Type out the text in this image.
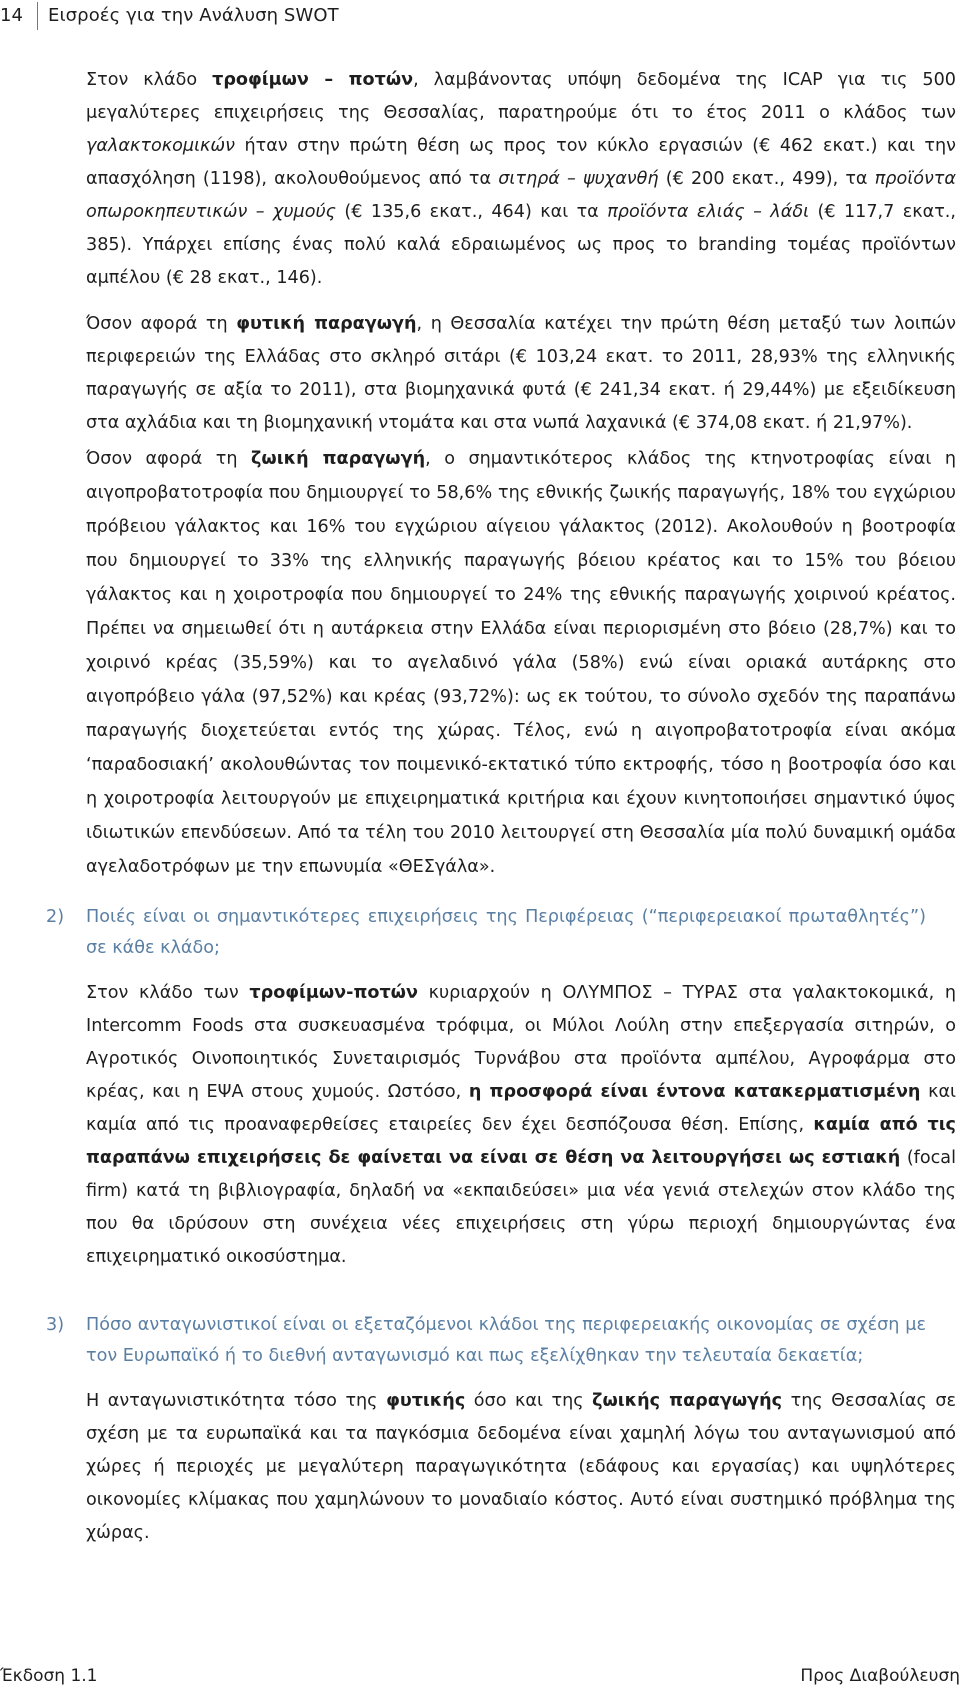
14 Εισροές για την Ανάλυση SWOT

Στον κλάδο τροφίμων – ποτών, λαμβάνοντας υπόψη δεδομένα της ICAP για τις 500 μεγαλύτερες επιχειρήσεις της Θεσσαλίας, παρατηρούμε ότι το έτος 2011 ο κλάδος των γαλακτοκομικών ήταν στην πρώτη θέση ως προς τον κύκλο εργασιών (€ 462 εκατ.) και την απασχόληση (1198), ακολουθούμενος από τα σιτηρά – ψυχανθή (€ 200 εκατ., 499), τα προϊόντα οπωροκηπευτικών – χυμούς (€ 135,6 εκατ., 464) και τα προϊόντα ελιάς – λάδι (€ 117,7 εκατ., 385). Υπάρχει επίσης ένας πολύ καλά εδραιωμένος ως προς το branding τομέας προϊόντων αμπέλου (€ 28 εκατ., 146).

Όσον αφορά τη φυτική παραγωγή, η Θεσσαλία κατέχει την πρώτη θέση μεταξύ των λοιπών περιφερειών της Ελλάδας στο σκληρό σιτάρι (€ 103,24 εκατ. το 2011, 28,93% της ελληνικής παραγωγής σε αξία το 2011), στα βιομηχανικά φυτά (€ 241,34 εκατ. ή 29,44%) με εξειδίκευση στα αχλάδια και τη βιομηχανική ντομάτα και στα νωπά λαχανικά (€ 374,08 εκατ. ή 21,97%).

Όσον αφορά τη ζωική παραγωγή, ο σημαντικότερος κλάδος της κτηνοτροφίας είναι η αιγοπροβατοτροφία που δημιουργεί το 58,6% της εθνικής ζωικής παραγωγής, 18% του εγχώριου πρόβειου γάλακτος και 16% του εγχώριου αίγειου γάλακτος (2012). Ακολουθούν η βοοτροφία που δημιουργεί το 33% της ελληνικής παραγωγής βόειου κρέατος και το 15% του βόειου γάλακτος και η χοιροτροφία που δημιουργεί το 24% της εθνικής παραγωγής χοιρινού κρέατος. Πρέπει να σημειωθεί ότι η αυτάρκεια στην Ελλάδα είναι περιορισμένη στο βόειο (28,7%) και το χοιρινό κρέας (35,59%) και το αγελαδινό γάλα (58%) ενώ είναι οριακά αυτάρκης στο αιγοπρόβειο γάλα (97,52%) και κρέας (93,72%): ως εκ τούτου, το σύνολο σχεδόν της παραπάνω παραγωγής διοχετεύεται εντός της χώρας. Τέλος, ενώ η αιγοπροβατοτροφία είναι ακόμα ‘παραδοσιακή’ ακολουθώντας τον ποιμενικό-εκτατικό τύπο εκτροφής, τόσο η βοοτροφία όσο και η χοιροτροφία λειτουργούν με επιχειρηματικά κριτήρια και έχουν κινητοποιήσει σημαντικό ύψος ιδιωτικών επενδύσεων. Από τα τέλη του 2010 λειτουργεί στη Θεσσαλία μία πολύ δυναμική ομάδα αγελαδοτρόφων με την επωνυμία «ΘΕΣγάλα».

2) Ποιές είναι οι σημαντικότερες επιχειρήσεις της Περιφέρειας (“περιφερειακοί πρωταθλητές”) σε κάθε κλάδο;

Στον κλάδο των τροφίμων-ποτών κυριαρχούν η ΟΛΥΜΠΟΣ – ΤΥΡΑΣ στα γαλακτοκομικά, η Intercomm Foods στα συσκευασμένα τρόφιμα, οι Μύλοι Λούλη στην επεξεργασία σιτηρών, ο Αγροτικός Οινοποιητικός Συνεταιρισμός Τυρνάβου στα προϊόντα αμπέλου, Αγροφάρμα στο κρέας, και η ΕΨΑ στους χυμούς. Ωστόσο, η προσφορά είναι έντονα κατακερματισμένη και καμία από τις προαναφερθείσες εταιρείες δεν έχει δεσπόζουσα θέση. Επίσης, καμία από τις παραπάνω επιχειρήσεις δε φαίνεται να είναι σε θέση να λειτουργήσει ως εστιακή (focal firm) κατά τη βιβλιογραφία, δηλαδή να «εκπαιδεύσει» μια νέα γενιά στελεχών στον κλάδο της που θα ιδρύσουν στη συνέχεια νέες επιχειρήσεις στη γύρω περιοχή δημιουργώντας ένα επιχειρηματικό οικοσύστημα.

3) Πόσο ανταγωνιστικοί είναι οι εξεταζόμενοι κλάδοι της περιφερειακής οικονομίας σε σχέση με τον Ευρωπαϊκό ή το διεθνή ανταγωνισμό και πως εξελίχθηκαν την τελευταία δεκαετία;

Η ανταγωνιστικότητα τόσο της φυτικής όσο και της ζωικής παραγωγής της Θεσσαλίας σε σχέση με τα ευρωπαϊκά και τα παγκόσμια δεδομένα είναι χαμηλή λόγω του ανταγωνισμού από χώρες ή περιοχές με μεγαλύτερη παραγωγικότητα (εδάφους και εργασίας) και υψηλότερες οικονομίες κλίμακας που χαμηλώνουν το μοναδιαίο κόστος. Αυτό είναι συστημικό πρόβλημα της χώρας.

Έκδοση 1.1	Προς Διαβούλευση
